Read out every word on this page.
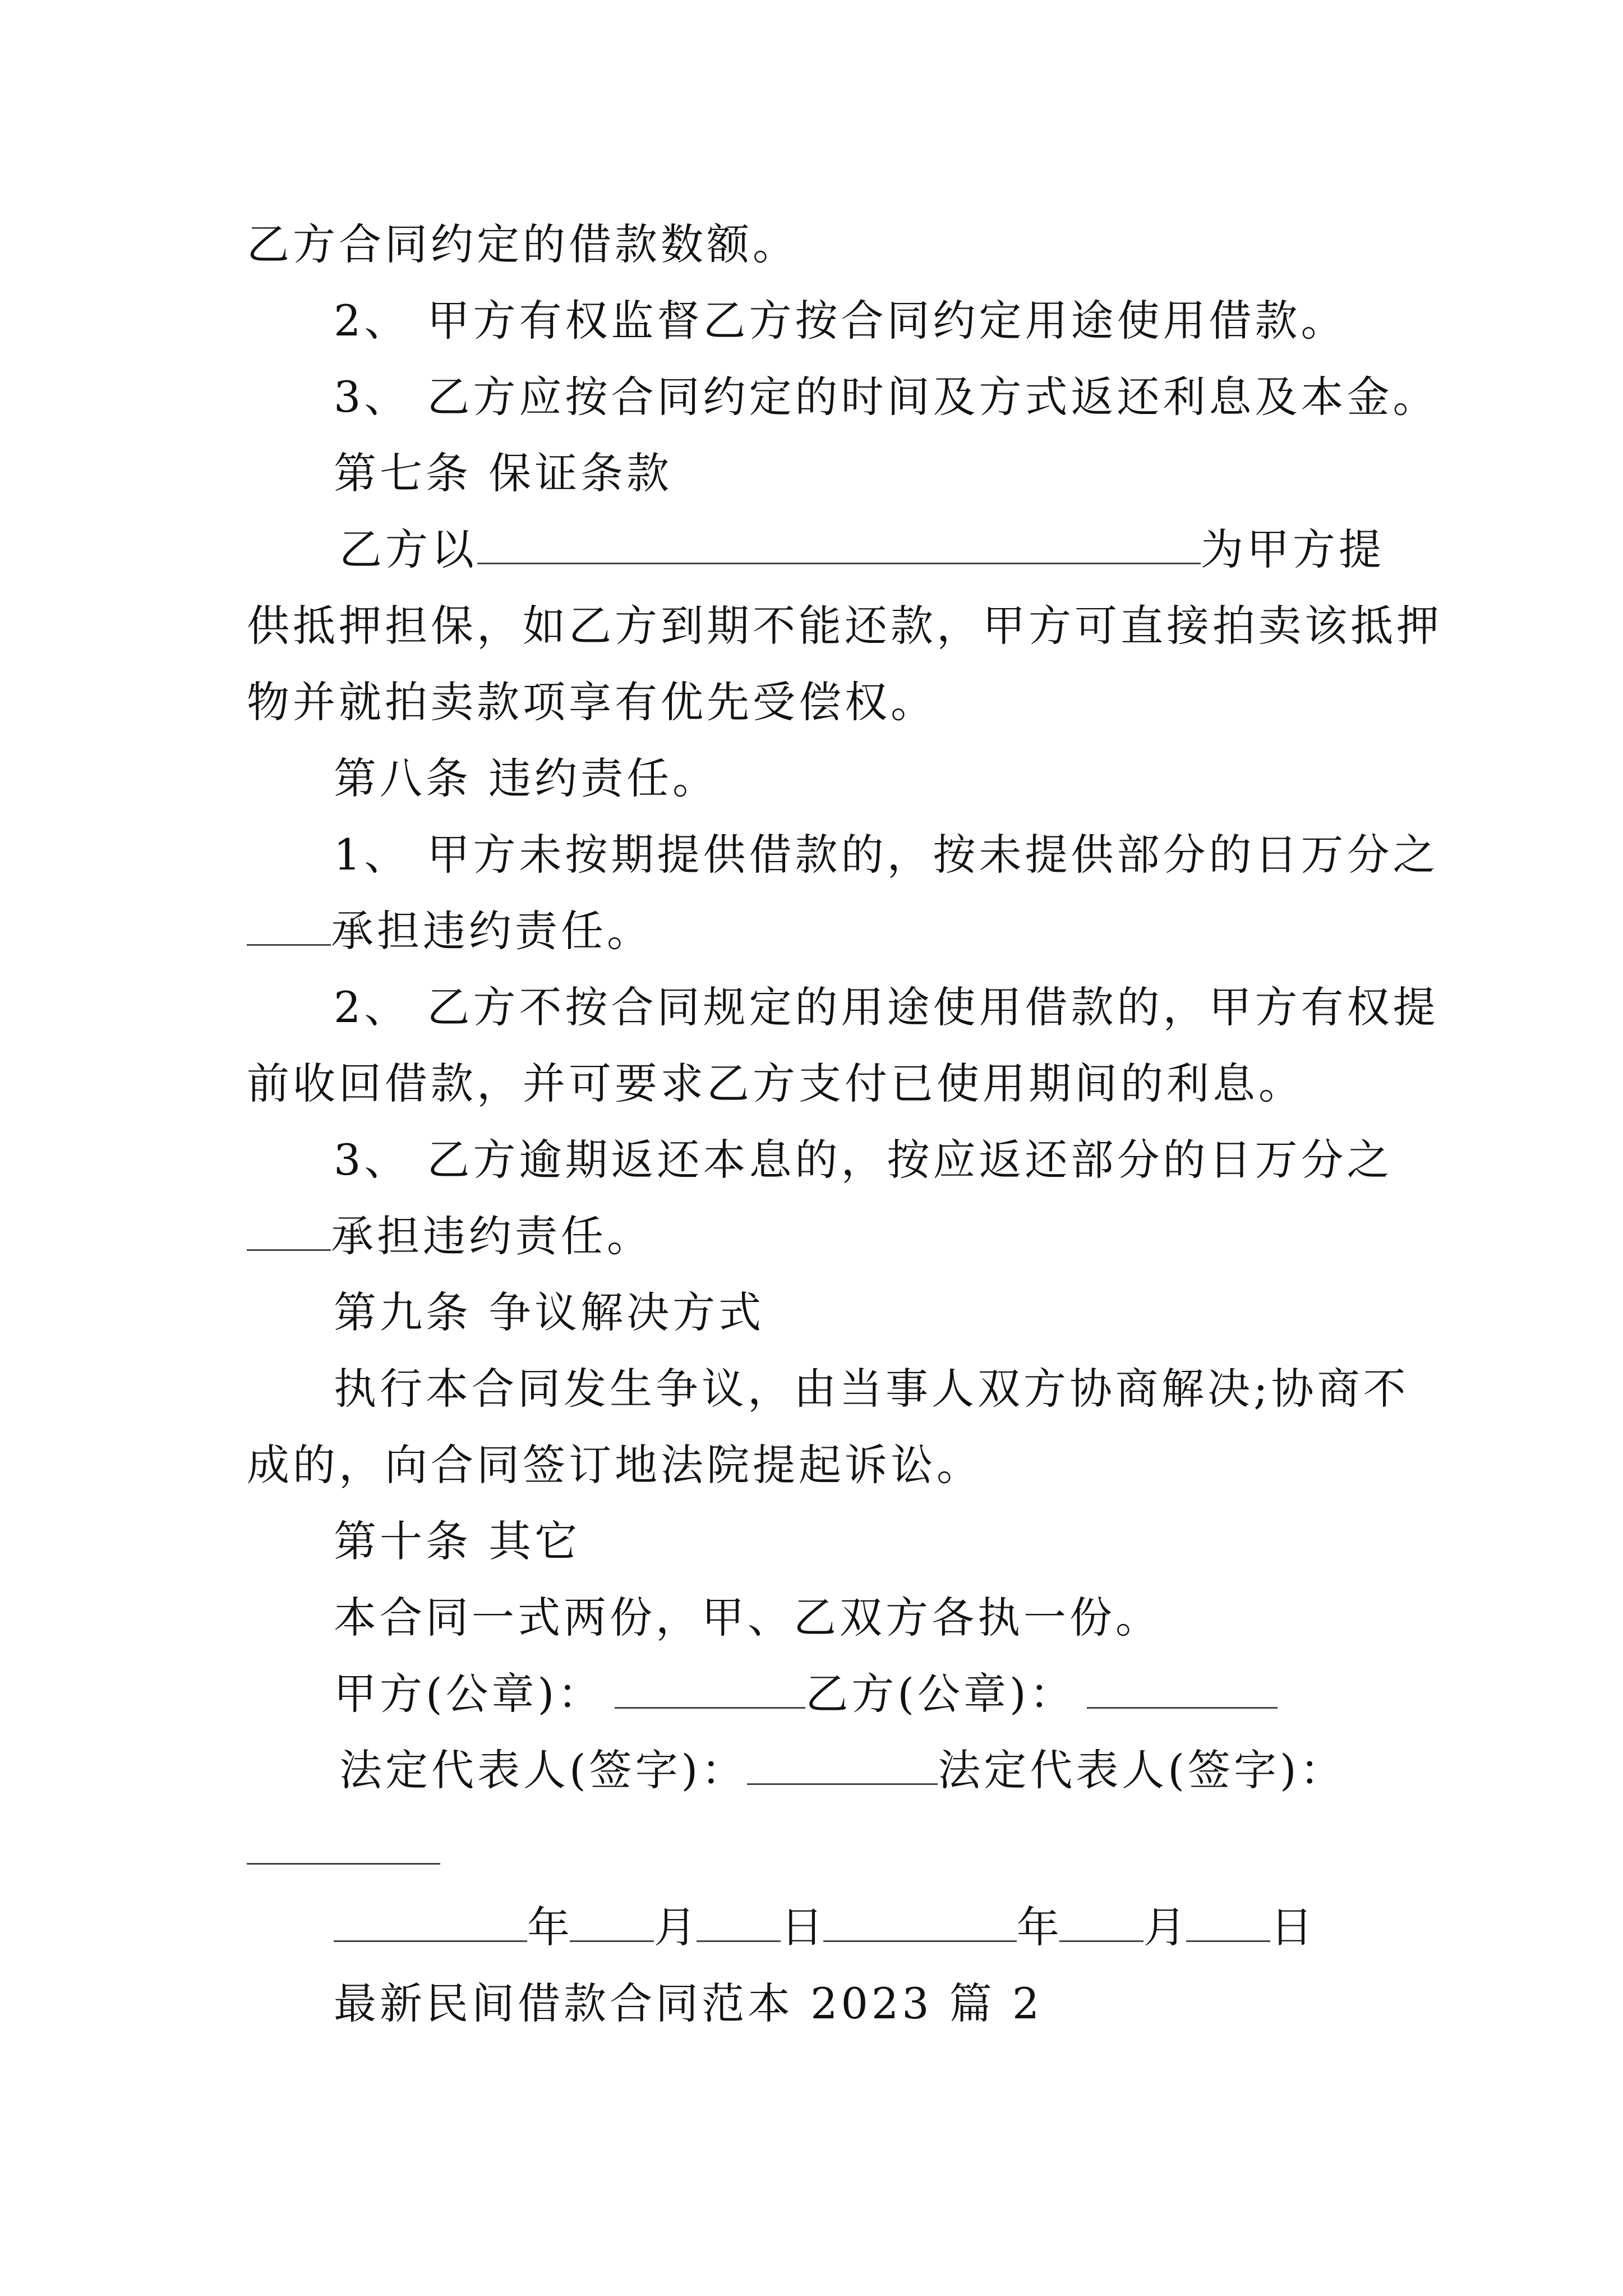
乙方合同约定的借款数额。
2、 甲方有权监督乙方按合同约定用途使用借款。
3、 乙方应按合同约定的时间及方式返还利息及本金。
第七条 保证条款
乙方以	为甲方提
供抵押担保，如乙方到期不能还款，甲方可直接拍卖该抵押
物并就拍卖款项享有优先受偿权。
第八条 违约责任。
1、 甲方未按期提供借款的，按未提供部分的日万分之
承担违约责任。
2、 乙方不按合同规定的用途使用借款的，甲方有权提
前收回借款，并可要求乙方支付已使用期间的利息。
3、 乙方逾期返还本息的，按应返还部分的日万分之
承担违约责任。
第九条 争议解决方式
执行本合同发生争议，由当事人双方协商解决;协商不
成的，向合同签订地法院提起诉讼。
第十条 其它
本合同一式两份，甲、乙双方各执一份。
甲方(公章)：	乙方(公章)：
法定代表人(签字)：	法定代表人(签字)：
年 月 日	年 月 日
最新民间借款合同范本 2023 篇 2
